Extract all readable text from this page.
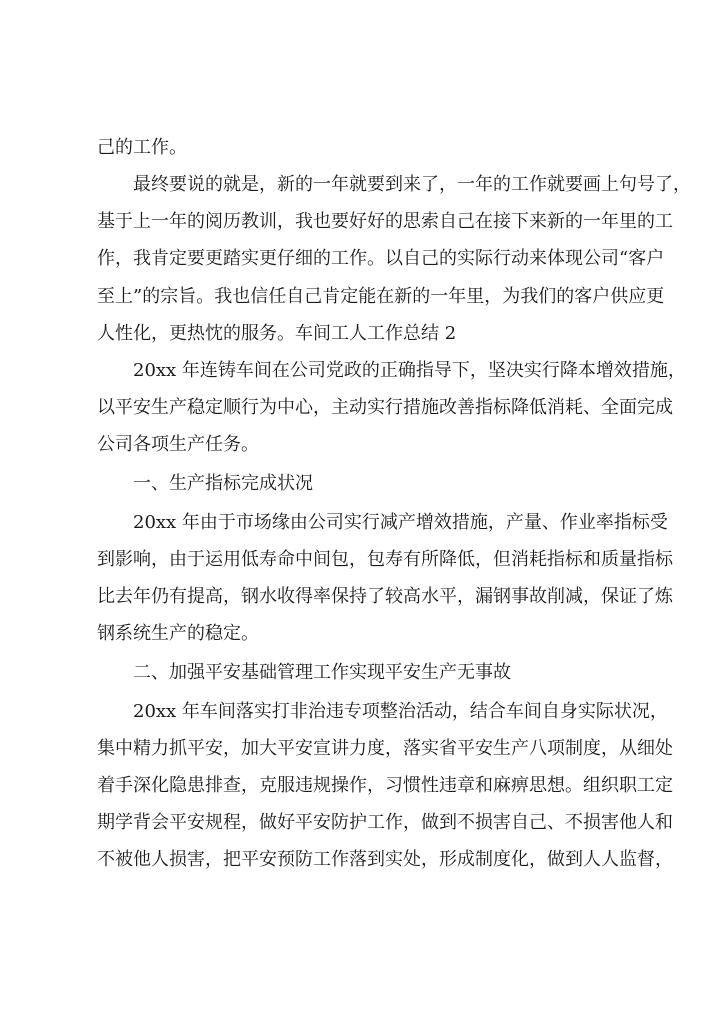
己的工作。
最终要说的就是，新的一年就要到来了，一年的工作就要画上句号了，
基于上一年的阅历教训，我也要好好的思索自己在接下来新的一年里的工
作，我肯定要更踏实更仔细的工作。以自己的实际行动来体现公司“客户
至上”的宗旨。我也信任自己肯定能在新的一年里，为我们的客户供应更
人性化，更热忱的服务。车间工人工作总结 2
20xx 年连铸车间在公司党政的正确指导下，坚决实行降本增效措施，
以平安生产稳定顺行为中心，主动实行措施改善指标降低消耗、全面完成
公司各项生产任务。
一、生产指标完成状况
20xx 年由于市场缘由公司实行减产增效措施，产量、作业率指标受
到影响，由于运用低寿命中间包，包寿有所降低，但消耗指标和质量指标
比去年仍有提高，钢水收得率保持了较高水平，漏钢事故削减，保证了炼
钢系统生产的稳定。
二、加强平安基础管理工作实现平安生产无事故
20xx 年车间落实打非治违专项整治活动，结合车间自身实际状况，
集中精力抓平安，加大平安宣讲力度，落实省平安生产八项制度，从细处
着手深化隐患排查，克服违规操作，习惯性违章和麻痹思想。组织职工定
期学背会平安规程，做好平安防护工作，做到不损害自己、不损害他人和
不被他人损害，把平安预防工作落到实处，形成制度化，做到人人监督，
